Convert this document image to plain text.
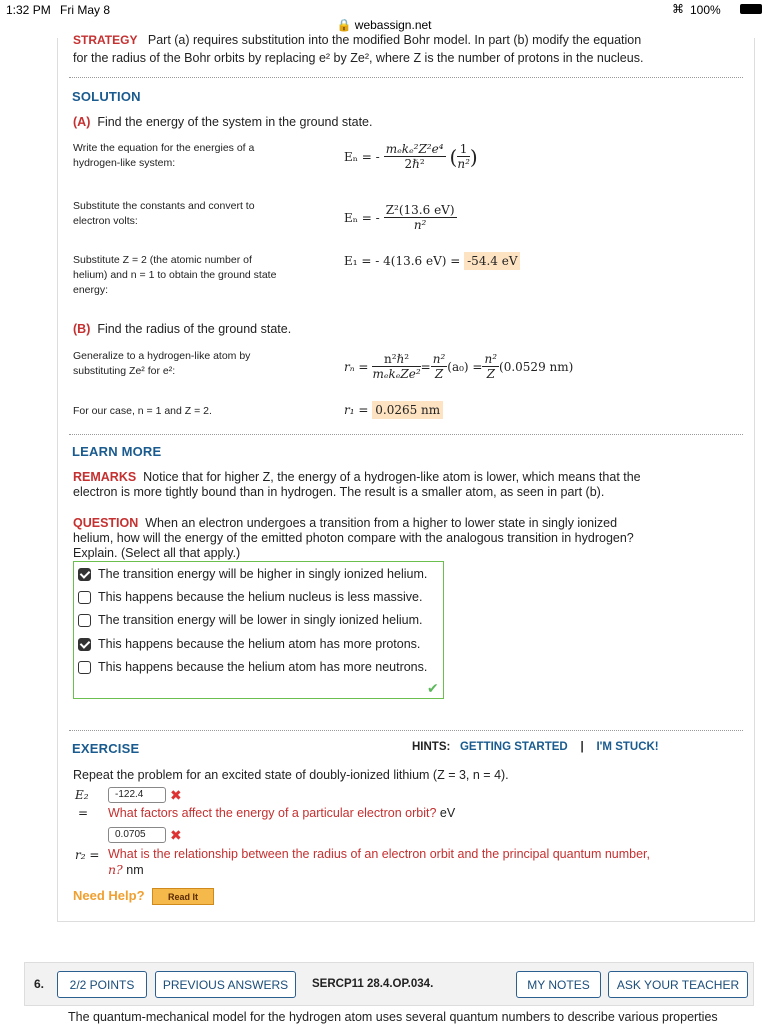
1:32 PM Fri May 8	⌘ 100%
🔒 webassign.net
STRATEGY Part (a) requires substitution into the modified Bohr model. In part (b) modify the equation
for the radius of the Bohr orbits by replacing e² by Ze², where Z is the number of protons in the nucleus.
SOLUTION
(A) Find the energy of the system in the ground state.
Write the equation for the energies of a
hydrogen-like system:	Eₙ = - $\frac{\text{mₑkₑ²Z²e⁴}}{\text{2ℏ²}}$ ( $\frac{1}{\text{n²}}$ )
Substitute the constants and convert to
electron volts:	Eₙ = - $\frac{\text{Z²(13.6 eV)}}{\text{n²}}$
Substitute Z = 2 (the atomic number of
helium) and n = 1 to obtain the ground state
energy:
E₁ = - 4(13.6 eV) = -54.4 eV
(B) Find the radius of the ground state.
Generalize to a hydrogen-like atom by
substituting Ze² for e²:	$r_n = \frac{\text{n²ℏ²}}{\text{mₑkₑZe²}} = \frac{\text{n²}}{Z} (a_0) = \frac{\text{n²}}{Z} (0.0529$ nm)
For our case, n = 1 and Z = 2.	r₁ = 0.0265 nm
LEARN MORE
REMARKS Notice that for higher Z, the energy of a hydrogen-like atom is lower, which means that the
electron is more tightly bound than in hydrogen. The result is a smaller atom, as seen in part (b).
QUESTION When an electron undergoes a transition from a higher to lower state in singly ionized
helium, how will the energy of the emitted photon compare with the analogous transition in hydrogen?
Explain. (Select all that apply.)
The transition energy will be higher in singly ionized helium.
This happens because the helium nucleus is less massive.
The transition energy will be lower in singly ionized helium.
This happens because the helium atom has more protons.
This happens because the helium atom has more neutrons.
✔
EXERCISE	HINTS: GETTING STARTED | I'M STUCK!
Repeat the problem for an excited state of doubly-ionized lithium (Z = 3, n = 4).
E₂
=
-122.4	✖
What factors affect the energy of a particular electron orbit? eV
0.0705	✖
r₂ = What is the relationship between the radius of an electron orbit and the principal quantum number,
n? nm
Need Help?	Read It
6.	2/2 POINTS	PREVIOUS ANSWERS	SERCP11 28.4.OP.034.	MY NOTES	ASK YOUR TEACHER
The quantum-mechanical model for the hydrogen atom uses several quantum numbers to describe various properties
